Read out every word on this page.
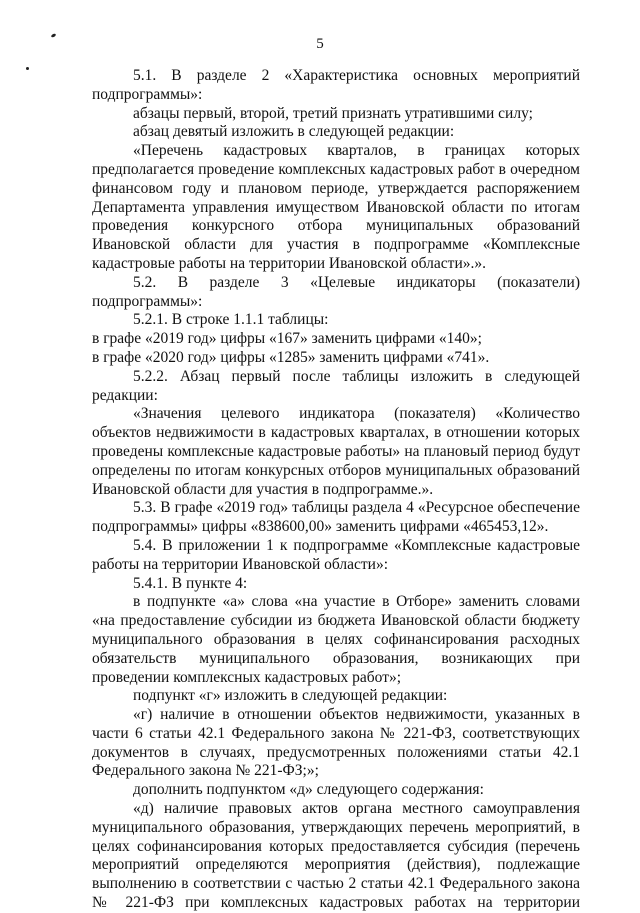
5

5.1. В разделе 2 «Характеристика основных мероприятий подпрограммы»:

абзацы первый, второй, третий признать утратившими силу;

абзац девятый изложить в следующей редакции:

«Перечень кадастровых кварталов, в границах которых предполагается проведение комплексных кадастровых работ в очередном финансовом году и плановом периоде, утверждается распоряжением Департамента управления имуществом Ивановской области по итогам проведения конкурсного отбора муниципальных образований Ивановской области для участия в подпрограмме «Комплексные кадастровые работы на территории Ивановской области».».

5.2. В разделе 3 «Целевые индикаторы (показатели) подпрограммы»:

5.2.1. В строке 1.1.1 таблицы:

в графе «2019 год» цифры «167» заменить цифрами «140»;

в графе «2020 год» цифры «1285» заменить цифрами «741».

5.2.2. Абзац первый после таблицы изложить в следующей редакции:

«Значения целевого индикатора (показателя) «Количество объектов недвижимости в кадастровых кварталах, в отношении которых проведены комплексные кадастровые работы» на плановый период будут определены по итогам конкурсных отборов муниципальных образований Ивановской области для участия в подпрограмме.».

5.3. В графе «2019 год» таблицы раздела 4 «Ресурсное обеспечение подпрограммы» цифры «838600,00» заменить цифрами «465453,12».

5.4. В приложении 1 к подпрограмме «Комплексные кадастровые работы на территории Ивановской области»:

5.4.1. В пункте 4:

в подпункте «а» слова «на участие в Отборе» заменить словами «на предоставление субсидии из бюджета Ивановской области бюджету муниципального образования в целях софинансирования расходных обязательств муниципального образования, возникающих при проведении комплексных кадастровых работ»;

подпункт «г» изложить в следующей редакции:

«г) наличие в отношении объектов недвижимости, указанных в части 6 статьи 42.1 Федерального закона № 221-ФЗ, соответствующих документов в случаях, предусмотренных положениями статьи 42.1 Федерального закона № 221-ФЗ;»;

дополнить подпунктом «д» следующего содержания:

«д) наличие правовых актов органа местного самоуправления муниципального образования, утверждающих перечень мероприятий, в целях софинансирования которых предоставляется субсидия (перечень мероприятий определяются мероприятия (действия), подлежащие выполнению в соответствии с частью 2 статьи 42.1 Федерального закона № 221-ФЗ при комплексных кадастровых работах на территории
